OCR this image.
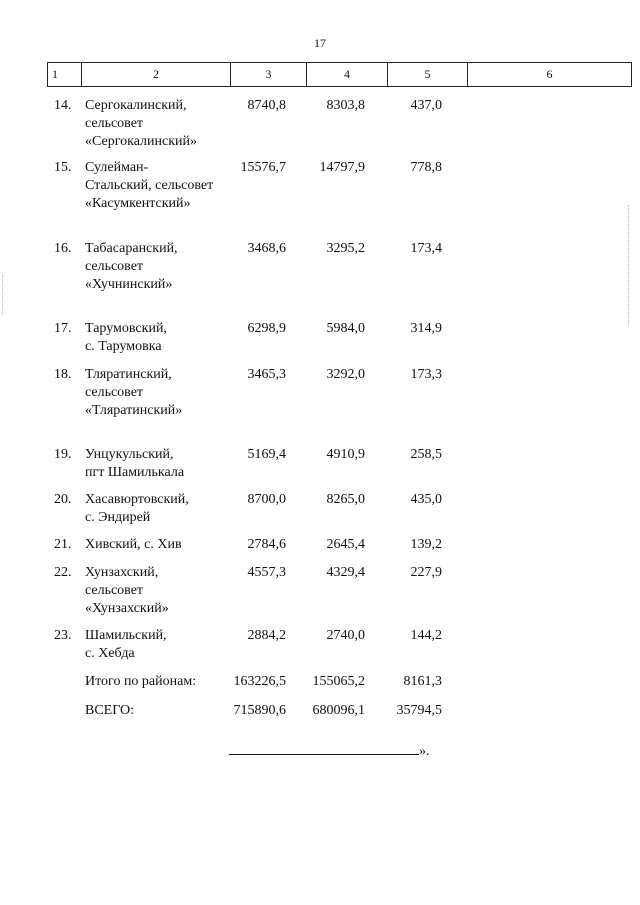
17
1	2	3	4	5	6
14. Сергокалинский,
сельсовет
«Сергокалинский»
8740,8	8303,8	437,0
15. Сулейман-
Стальский, сельсовет
«Касумкентский»
15576,7	14797,9	778,8
16. Табасаранский,
сельсовет
«Хучнинский»
3468,6	3295,2	173,4
17. Тарумовский,
с. Тарумовка
6298,9	5984,0	314,9
18. Тляратинский,
сельсовет
«Тляратинский»
3465,3	3292,0	173,3
19. Унцукульский,
пгт Шамилькала
5169,4	4910,9	258,5
20. Хасавюртовский,
с. Эндирей
8700,0	8265,0	435,0
21. Хивский, с. Хив	2784,6	2645,4	139,2
22. Хунзахский,
сельсовет
«Хунзахский»
4557,3	4329,4	227,9
23. Шамильский,
с. Хебда
2884,2	2740,0	144,2
Итого по районам:	163226,5	155065,2	8161,3
ВСЕГО:	715890,6	680096,1	35794,5
».
